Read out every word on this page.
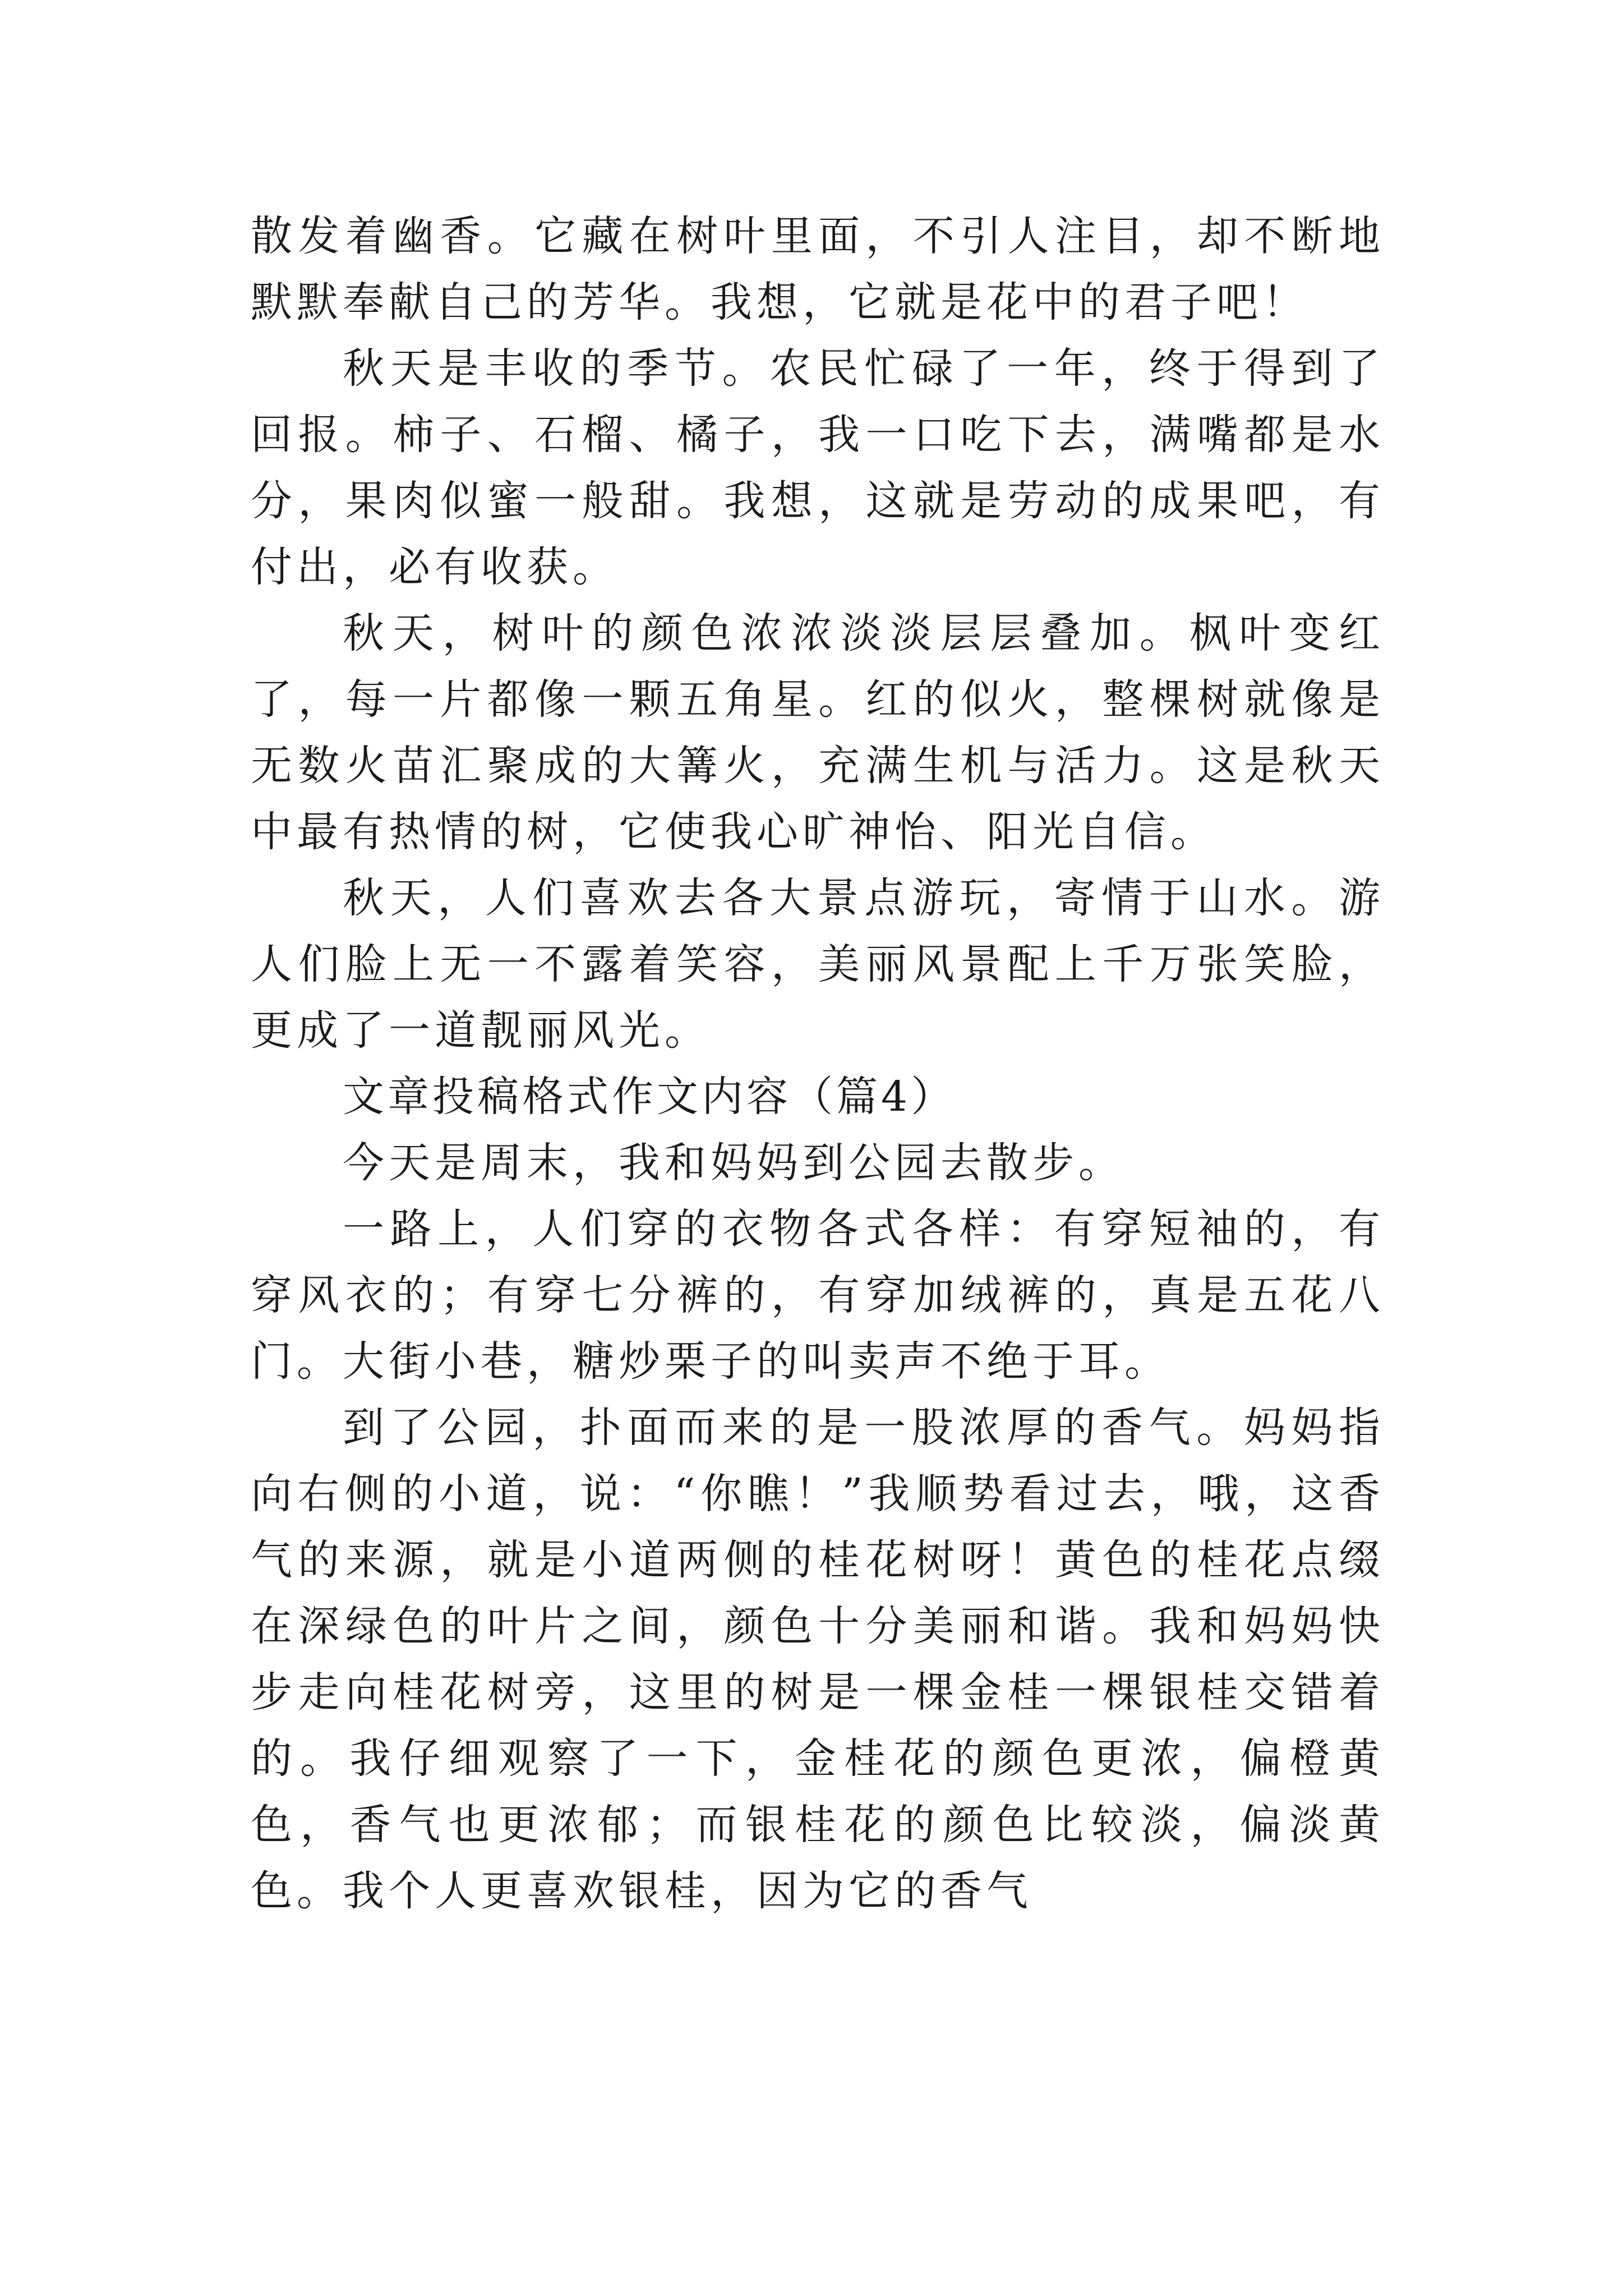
散发着幽香。它藏在树叶里面，不引人注目，却不断地默默奉献自己的芳华。我想，它就是花中的君子吧！

秋天是丰收的季节。农民忙碌了一年，终于得到了回报。柿子、石榴、橘子，我一口吃下去，满嘴都是水分，果肉似蜜一般甜。我想，这就是劳动的成果吧，有付出，必有收获。

秋天，树叶的颜色浓浓淡淡层层叠加。枫叶变红了，每一片都像一颗五角星。红的似火，整棵树就像是无数火苗汇聚成的大篝火，充满生机与活力。这是秋天中最有热情的树，它使我心旷神怡、阳光自信。

秋天，人们喜欢去各大景点游玩，寄情于山水。游人们脸上无一不露着笑容，美丽风景配上千万张笑脸，更成了一道靓丽风光。

文章投稿格式作文内容（篇4）

今天是周末，我和妈妈到公园去散步。

一路上，人们穿的衣物各式各样：有穿短袖的，有穿风衣的；有穿七分裤的，有穿加绒裤的，真是五花八门。大街小巷，糖炒栗子的叫卖声不绝于耳。

到了公园，扑面而来的是一股浓厚的香气。妈妈指向右侧的小道，说：“你瞧！”我顺势看过去，哦，这香气的来源，就是小道两侧的桂花树呀！黄色的桂花点缀在深绿色的叶片之间，颜色十分美丽和谐。我和妈妈快步走向桂花树旁，这里的树是一棵金桂一棵银桂交错着的。我仔细观察了一下，金桂花的颜色更浓，偏橙黄色，香气也更浓郁；而银桂花的颜色比较淡，偏淡黄色。我个人更喜欢银桂，因为它的香气
